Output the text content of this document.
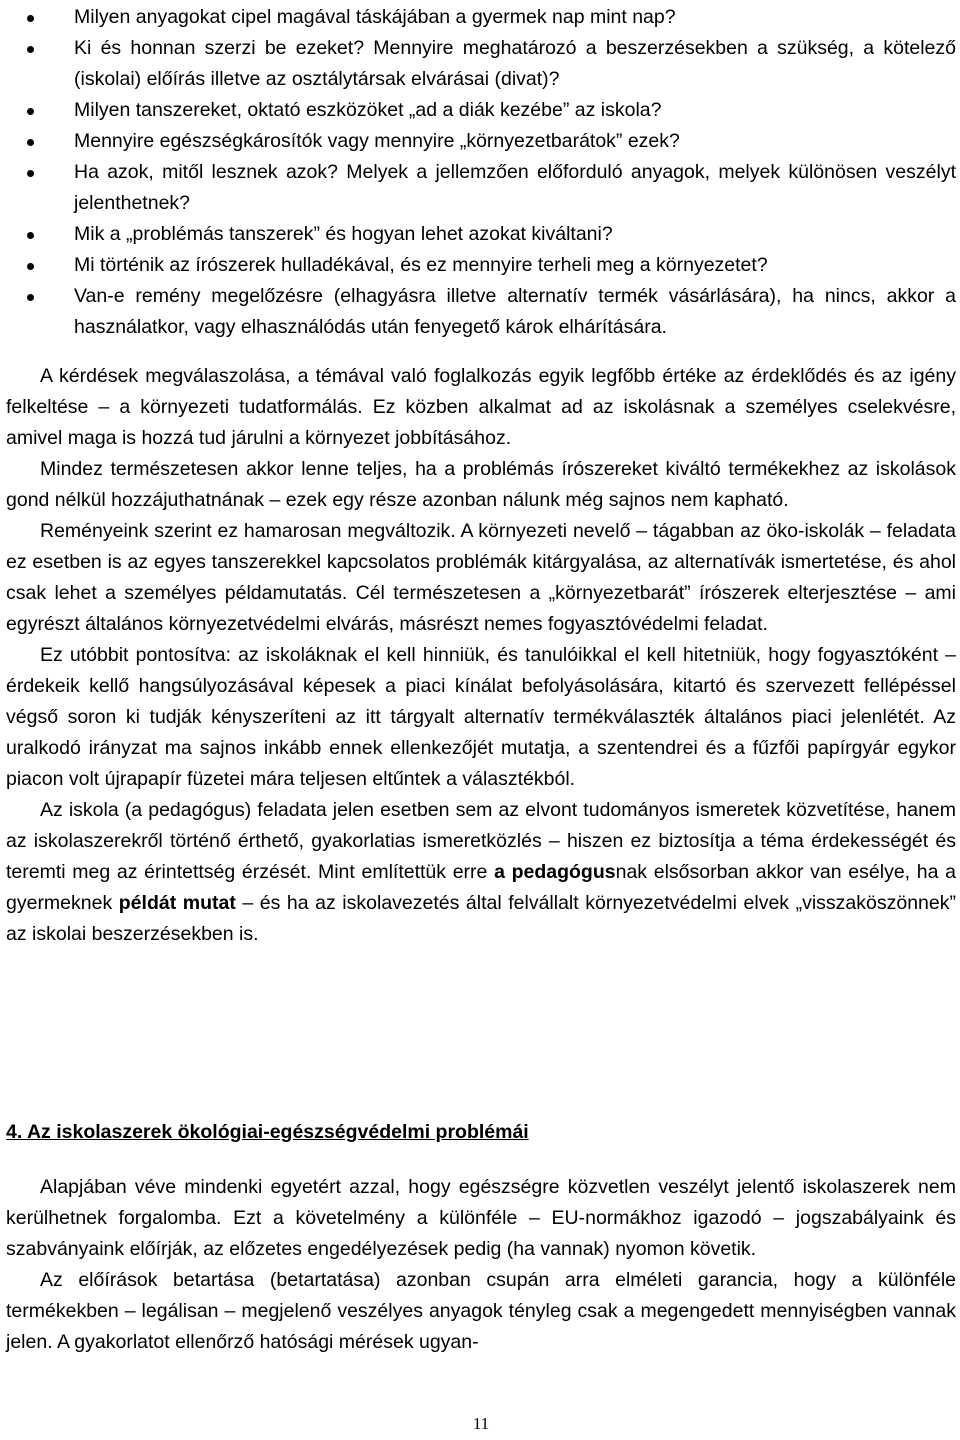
Milyen anyagokat cipel magával táskájában a gyermek nap mint nap?
Ki és honnan szerzi be ezeket? Mennyire meghatározó a beszerzésekben a szükség, a kötelező (iskolai) előírás illetve az osztálytársak elvárásai (divat)?
Milyen tanszereket, oktató eszközöket „ad a diák kezébe” az iskola?
Mennyire egészségkárosítók vagy mennyire „környezetbarátok” ezek?
Ha azok, mitől lesznek azok? Melyek a jellemzően előforduló anyagok, melyek különösen veszélyt jelenthetnek?
Mik a „problémás tanszerek” és hogyan lehet azokat kiváltani?
Mi történik az írószerek hulladékával, és ez mennyire terheli meg a környezetet?
Van-e remény megelőzésre (elhagyásra illetve alternatív termék vásárlására), ha nincs, akkor a használatkor, vagy elhasználódás után fenyegető károk elhárítására.

A kérdések megválaszolása, a témával való foglalkozás egyik legfőbb értéke az érdeklődés és az igény felkeltése – a környezeti tudatformálás. Ez közben alkalmat ad az iskolásnak a személyes cselekvésre, amivel maga is hozzá tud járulni a környezet jobbításához.

Mindez természetesen akkor lenne teljes, ha a problémás írószereket kiváltó termékekhez az iskolások gond nélkül hozzájuthatnának – ezek egy része azonban nálunk még sajnos nem kapható.

Reményeink szerint ez hamarosan megváltozik. A környezeti nevelő – tágabban az öko-iskolák – feladata ez esetben is az egyes tanszerekkel kapcsolatos problémák kitárgyalása, az alternatívák ismertetése, és ahol csak lehet a személyes példamutatás. Cél természetesen a „környezetbarát” írószerek elterjesztése – ami egyrészt általános környezetvédelmi elvárás, másrészt nemes fogyasztóvédelmi feladat.

Ez utóbbit pontosítva: az iskoláknak el kell hinniük, és tanulóikkal el kell hitetniük, hogy fogyasztóként – érdekeik kellő hangsúlyozásával képesek a piaci kínálat befolyásolására, kitartó és szervezett fellépéssel végső soron ki tudják kényszeríteni az itt tárgyalt alternatív termékválaszték általános piaci jelenlétét. Az uralkodó irányzat ma sajnos inkább ennek ellenkezőjét mutatja, a szentendrei és a fűzfői papírgyár egykor piacon volt újrapapír füzetei mára teljesen eltűntek a választékból.

Az iskola (a pedagógus) feladata jelen esetben sem az elvont tudományos ismeretek közvetítése, hanem az iskolaszerekről történő érthető, gyakorlatias ismeretközlés – hiszen ez biztosítja a téma érdekességét és teremti meg az érintettség érzését. Mint említettük erre a pedagógusnak elsősorban akkor van esélye, ha a gyermeknek példát mutat – és ha az iskolavezetés által felvállalt környezetvédelmi elvek „visszaköszönnek” az iskolai beszerzésekben is.

4. Az iskolaszerek ökológiai-egészségvédelmi problémái

Alapjában véve mindenki egyetért azzal, hogy egészségre közvetlen veszélyt jelentő iskolaszerek nem kerülhetnek forgalomba. Ezt a követelmény a különféle – EU-normákhoz igazodó – jogszabályaink és szabványaink előírják, az előzetes engedélyezések pedig (ha vannak) nyomon követik.

Az előírások betartása (betartatása) azonban csupán arra elméleti garancia, hogy a különféle termékekben – legálisan – megjelenő veszélyes anyagok tényleg csak a megengedett mennyiségben vannak jelen. A gyakorlatot ellenőrző hatósági mérések ugyan-

11
